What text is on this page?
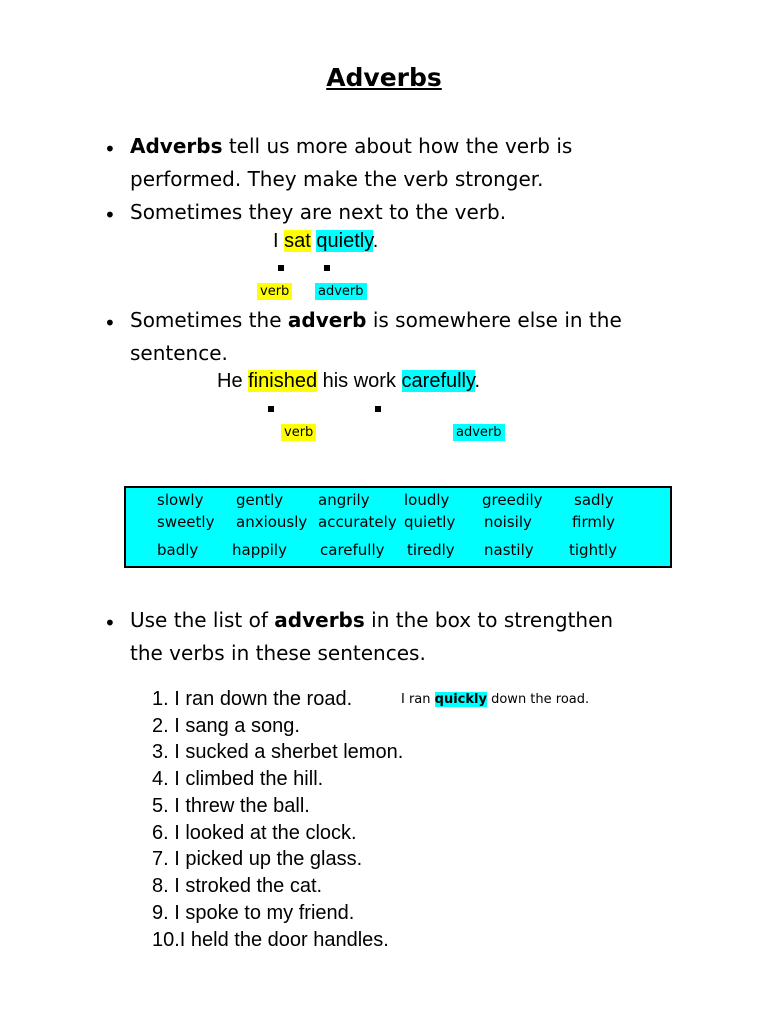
Adverbs
• Adverbs tell us more about how the verb is
performed. They make the verb stronger.
• Sometimes they are next to the verb.
I sat quietly.
verb adverb
• Sometimes the adverb is somewhere else in the
sentence.
He finished his work carefully.
verb	adverb
slowly gently angrily loudly greedily sadly
sweetly anxiously accurately quietly noisily	firmly
badly happily carefully tiredly nastily tightly
• Use the list of adverbs in the box to strengthen
the verbs in these sentences.
1. I ran down the road.	I ran quickly down the road.
2. I sang a song.
3. I sucked a sherbet lemon.
4. I climbed the hill.
5. I threw the ball.
6. I looked at the clock.
7. I picked up the glass.
8. I stroked the cat.
9. I spoke to my friend.
10.I held the door handles.
